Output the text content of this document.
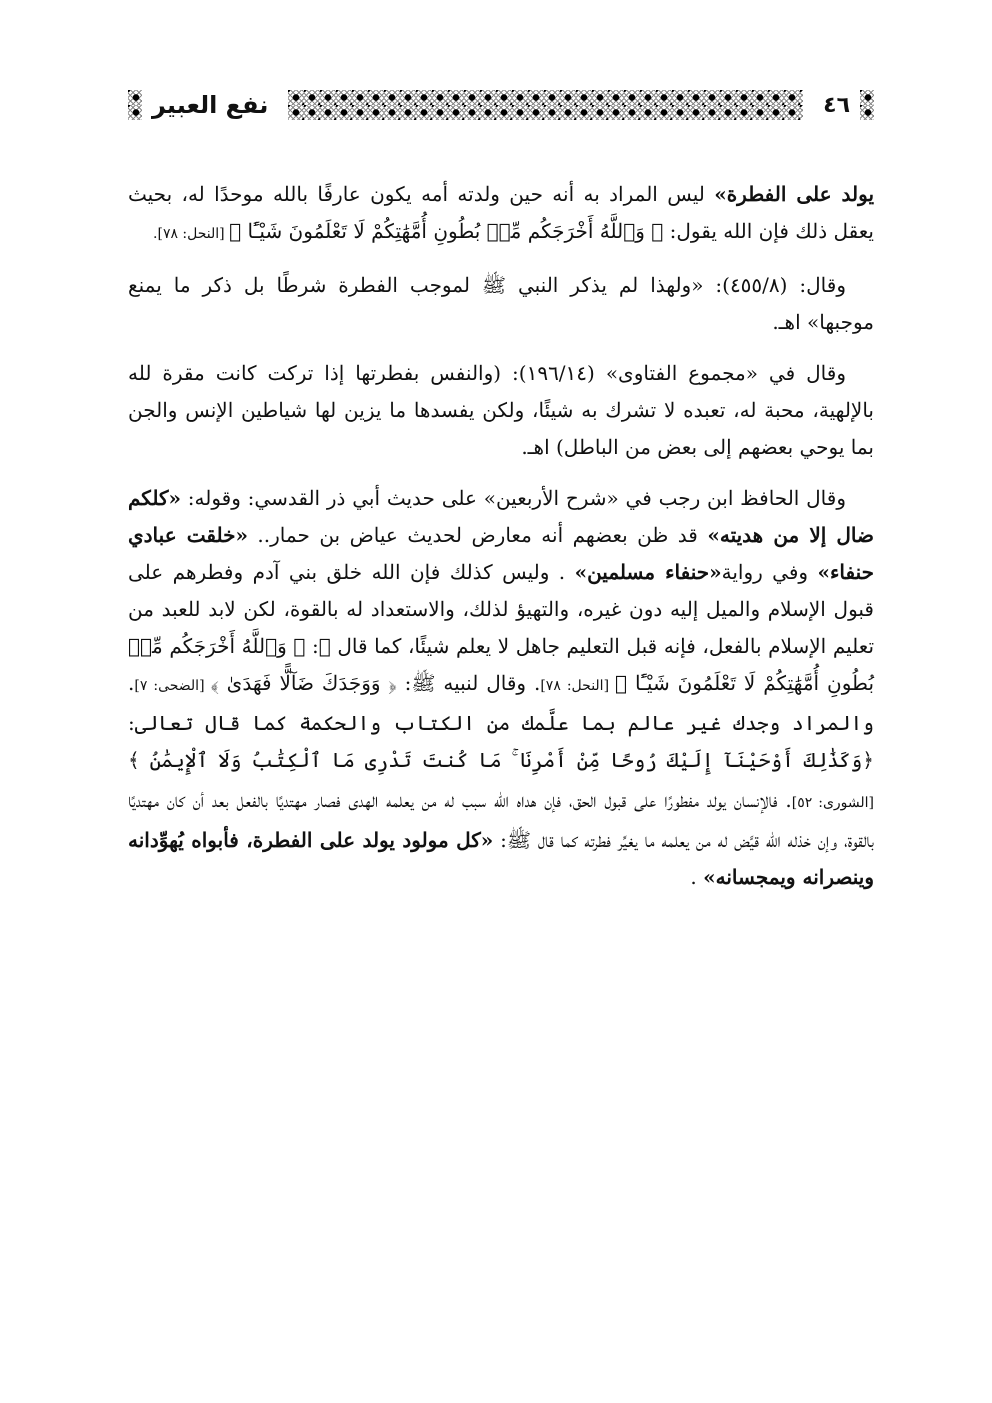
٤٦
نفع العبير

يولد على الفطرة» ليس المراد به أنه حين ولدته أمه يكون عارفًا بالله موحدًا له، بحيث يعقل ذلك فإن الله يقول: ﴿ وَٱللَّهُ أَخْرَجَكُم مِّنۢ بُطُونِ أُمَّهَٰتِكُمْ لَا تَعْلَمُونَ شَيْـًٔا ﴾ [النحل: ٧٨].

وقال: (٤٥٥/٨): «ولهذا لم يذكر النبي ﷺ لموجب الفطرة شرطًا بل ذكر ما يمنع موجبها» اهـ.

وقال في «مجموع الفتاوى» (١٩٦/١٤): (والنفس بفطرتها إذا تركت كانت مقرة لله بالإلهية، محبة له، تعبده لا تشرك به شيئًا، ولكن يفسدها ما يزين لها شياطين الإنس والجن بما يوحي بعضهم إلى بعض من الباطل) اهـ.

وقال الحافظ ابن رجب في «شرح الأربعين» على حديث أبي ذر القدسي: وقوله: «كلكم ضال إلا من هديته» قد ظن بعضهم أنه معارض لحديث عياض بن حمار.. «خلقت عبادي حنفاء» وفي رواية«حنفاء مسلمين» . وليس كذلك فإن الله خلق بني آدم وفطرهم على قبول الإسلام والميل إليه دون غيره، والتهيؤ لذلك، والاستعداد له بالقوة، لكن لابد للعبد من تعليم الإسلام بالفعل، فإنه قبل التعليم جاهل لا يعلم شيئًا، كما قال ﷻ: ﴿ وَٱللَّهُ أَخْرَجَكُم مِّنۢ بُطُونِ أُمَّهَٰتِكُمْ لَا تَعْلَمُونَ شَيْـًٔا ﴾ [النحل: ٧٨]. وقال لنبيه ﷺ: ﴿ وَوَجَدَكَ ضَآلًّا فَهَدَىٰ ﴾ [الضحى: ٧]. والمراد وجدك غير عالم بما علَّمك من الكتاب والحكمة كما قال تعالى: ﴿وَكَذَٰلِكَ أَوْحَيْنَآ إِلَيْكَ رُوحًا مِّنْ أَمْرِنَا ۚ مَا كُنتَ تَدْرِى مَا ٱلْكِتَٰبُ وَلَا ٱلْإِيمَٰنُ ﴾ [الشورى: ٥٢]. فالإنسان يولد مفطورًا على قبول الحق، فإن هداه الله سبب له من يعلمه الهدى فصار مهتديًا بالفعل بعد أن كان مهتديًا بالقوة، وإن خذله الله قيَّض له من يعلمه ما يغيِّر فطرته كما قال ﷺ: «كل مولود يولد على الفطرة، فأبواه يُهوِّدانه وينصرانه ويمجسانه» .
